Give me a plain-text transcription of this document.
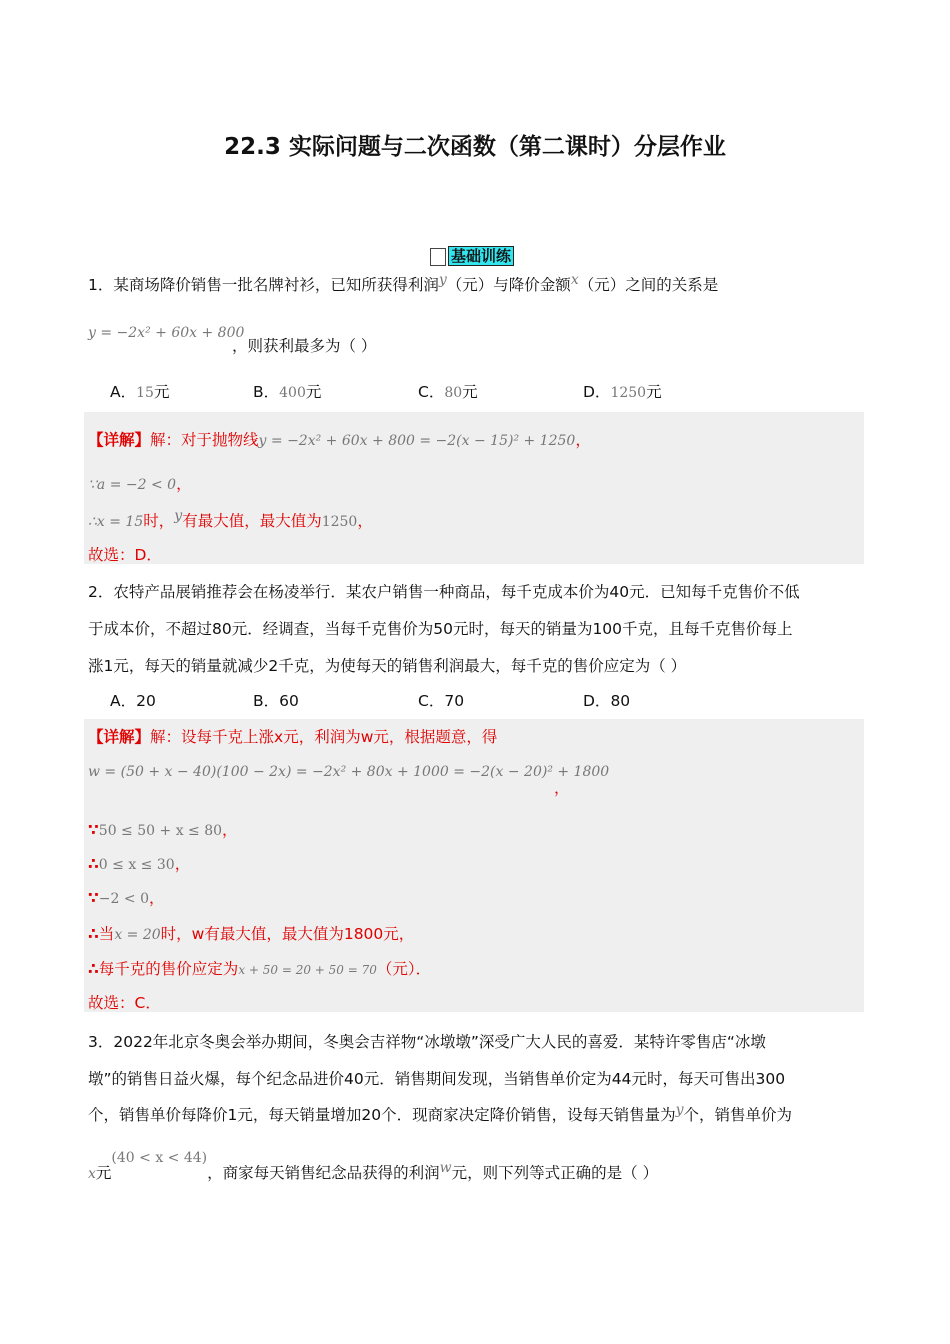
22.3 实际问题与二次函数（第二课时）分层作业
基础训练
1．某商场降价销售一批名牌衬衫，已知所获得利润$^y$（元）与降价金额$^x$（元）之间的关系是
y = −2x² + 60x + 800
，则获利最多为（ ）
A．15元	B．400元	C．80元	D．1250元
【详解】解：对于抛物线y = −2x² + 60x + 800 = −2(x − 15)² + 1250，
∵a = −2 < 0，
∴x = 15时，$^y$有最大值，最大值为1250，
故选：D．
2．农特产品展销推荐会在杨凌举行．某农户销售一种商品，每千克成本价为40元．已知每千克售价不低
于成本价，不超过80元．经调查，当每千克售价为50元时，每天的销量为100千克，且每千克售价每上
涨1元，每天的销量就减少2千克，为使每天的销售利润最大，每千克的售价应定为（ ）
A．20	B．60	C．70	D．80
【详解】解：设每千克上涨x元，利润为w元，根据题意，得
w = (50 + x − 40)(100 − 2x) = −2x² + 80x + 1000 = −2(x − 20)² + 1800
，
∵50 ≤ 50 + x ≤ 80，
∴0 ≤ x ≤ 30，
∵−2 < 0，
∴当x = 20时，w有最大值，最大值为1800元，
∴每千克的售价应定为x + 50 = 20 + 50 = 70（元）．
故选：C．
3．2022年北京冬奥会举办期间，冬奥会吉祥物“冰墩墩”深受广大人民的喜爱．某特许零售店“冰墩
墩”的销售日益火爆，每个纪念品进价40元．销售期间发现，当销售单价定为44元时，每天可售出300
个，销售单价每降价1元，每天销量增加20个．现商家决定降价销售，设每天销售量为$^y$个，销售单价为
x元$^{(40 < x < 44)}$，商家每天销售纪念品获得的利润$^w$元，则下列等式正确的是（ ）
